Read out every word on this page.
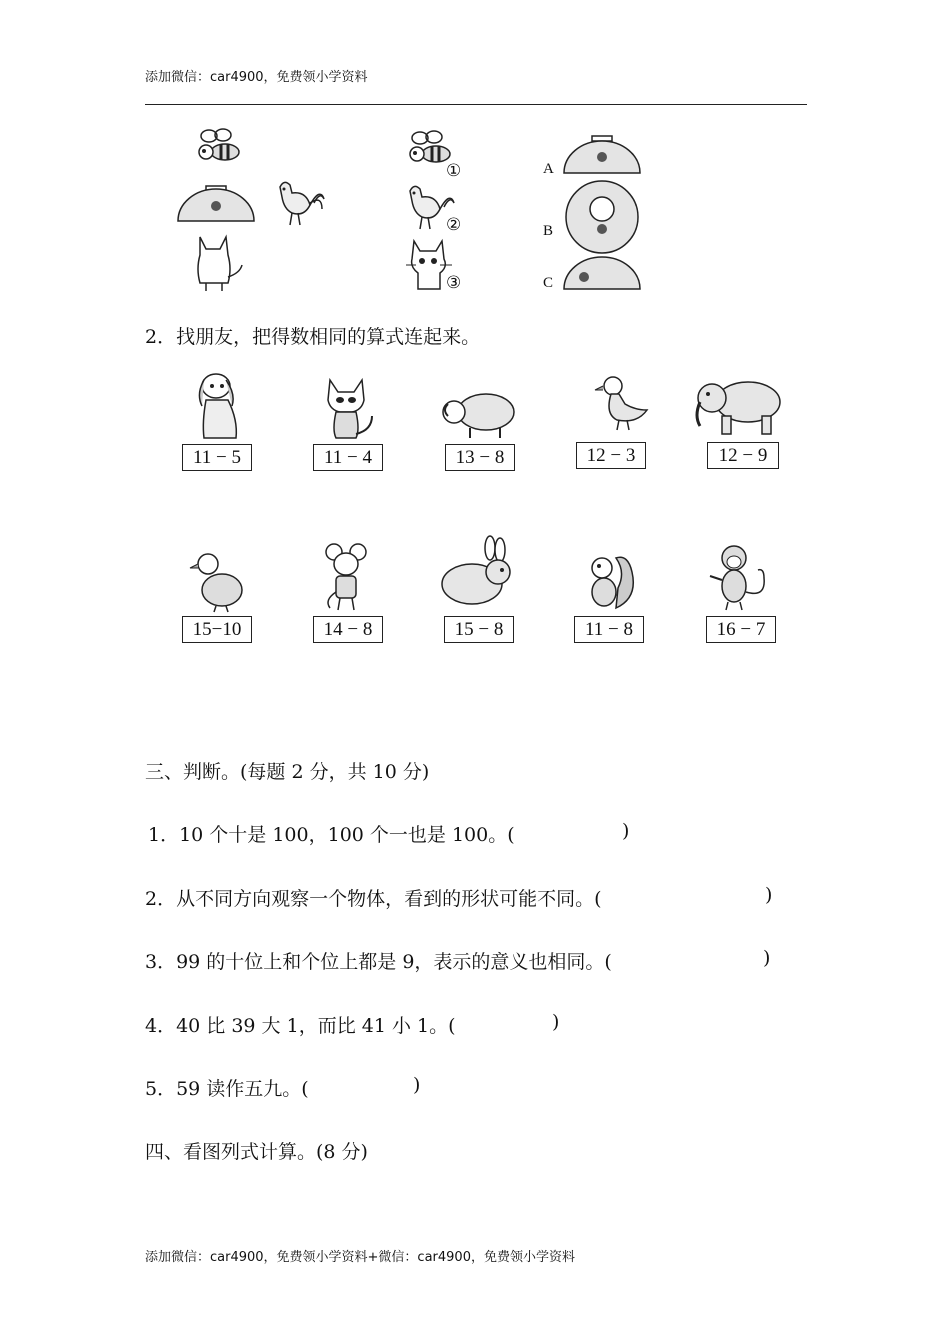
添加微信：car4900，免费领小学资料
①
②
③
A
B
C
2．找朋友，把得数相同的算式连起来。
11 − 5	11 − 4	13 − 8	12 − 3	12 − 9
15−10	14 − 8	15 − 8	11 − 8	16 − 7
三、判断。(每题 2 分，共 10 分)
1．10 个十是 100，100 个一也是 100。(	)
2．从不同方向观察一个物体，看到的形状可能不同。(	)
3．99 的十位上和个位上都是 9，表示的意义也相同。(	)
4．40 比 39 大 1，而比 41 小 1。(	)
5．59 读作五九。(	)
四、看图列式计算。(8 分)
添加微信：car4900，免费领小学资料+微信：car4900，免费领小学资料
